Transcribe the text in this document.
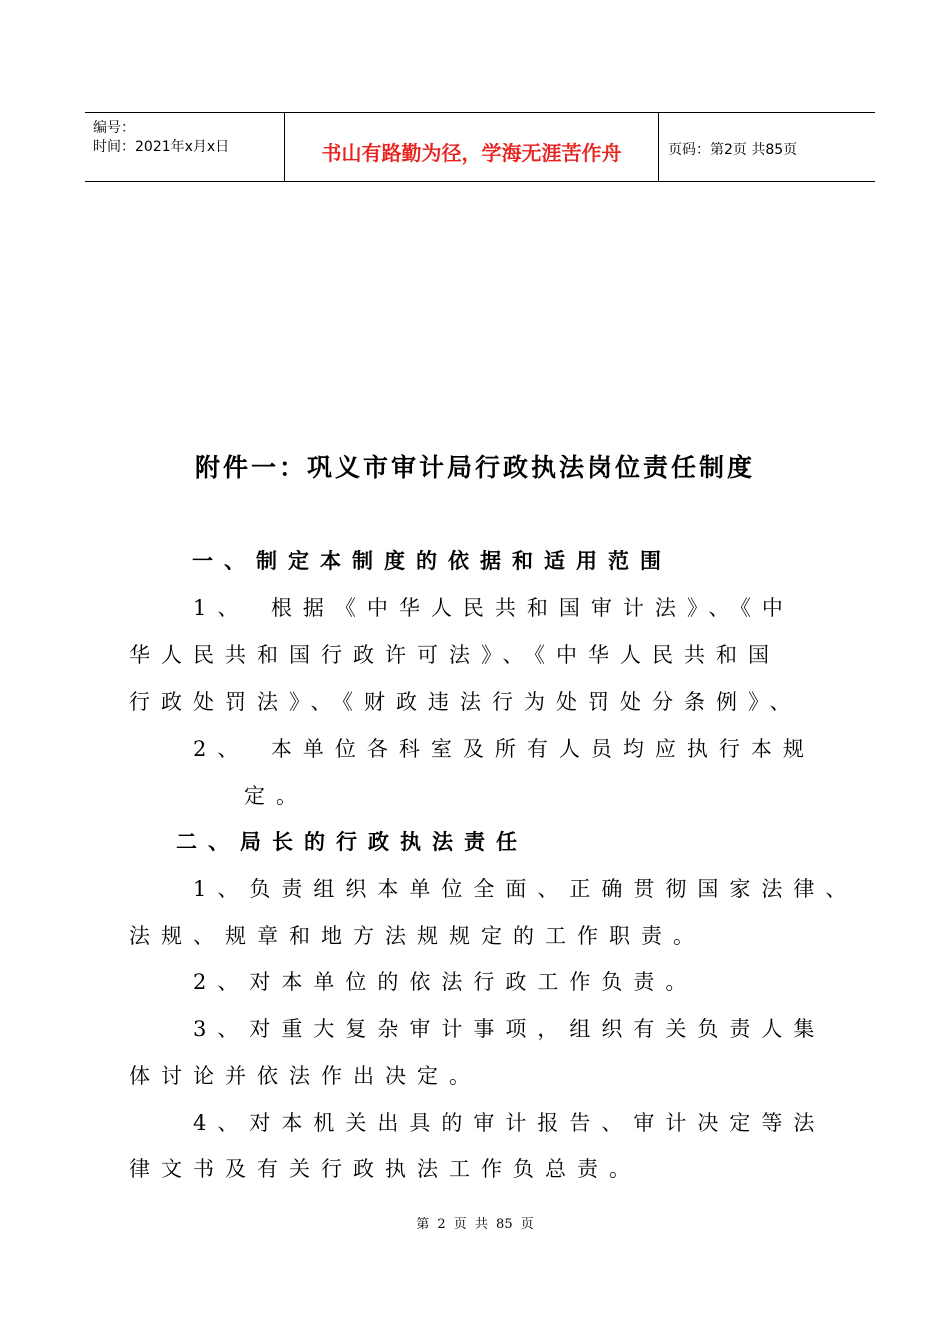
编号：
时间：2021年x月x日	书山有路勤为径，学海无涯苦作舟	页码：第2页 共85页
附件一：巩义市审计局行政执法岗位责任制度
一、制定本制度的依据和适用范围
1、　根据《中华人民共和国审计法》、《中
华人民共和国行政许可法》、《中华人民共和国
行政处罚法》、《财政违法行为处罚处分条例》、
2、　本单位各科室及所有人员均应执行本规
定。
二、局长的行政执法责任
1、负责组织本单位全面、正确贯彻国家法律、
法规、规章和地方法规规定的工作职责。
2、对本单位的依法行政工作负责。
3、对重大复杂审计事项，组织有关负责人集
体讨论并依法作出决定。
4、对本机关出具的审计报告、审计决定等法
律文书及有关行政执法工作负总责。
第 2 页 共 85 页
